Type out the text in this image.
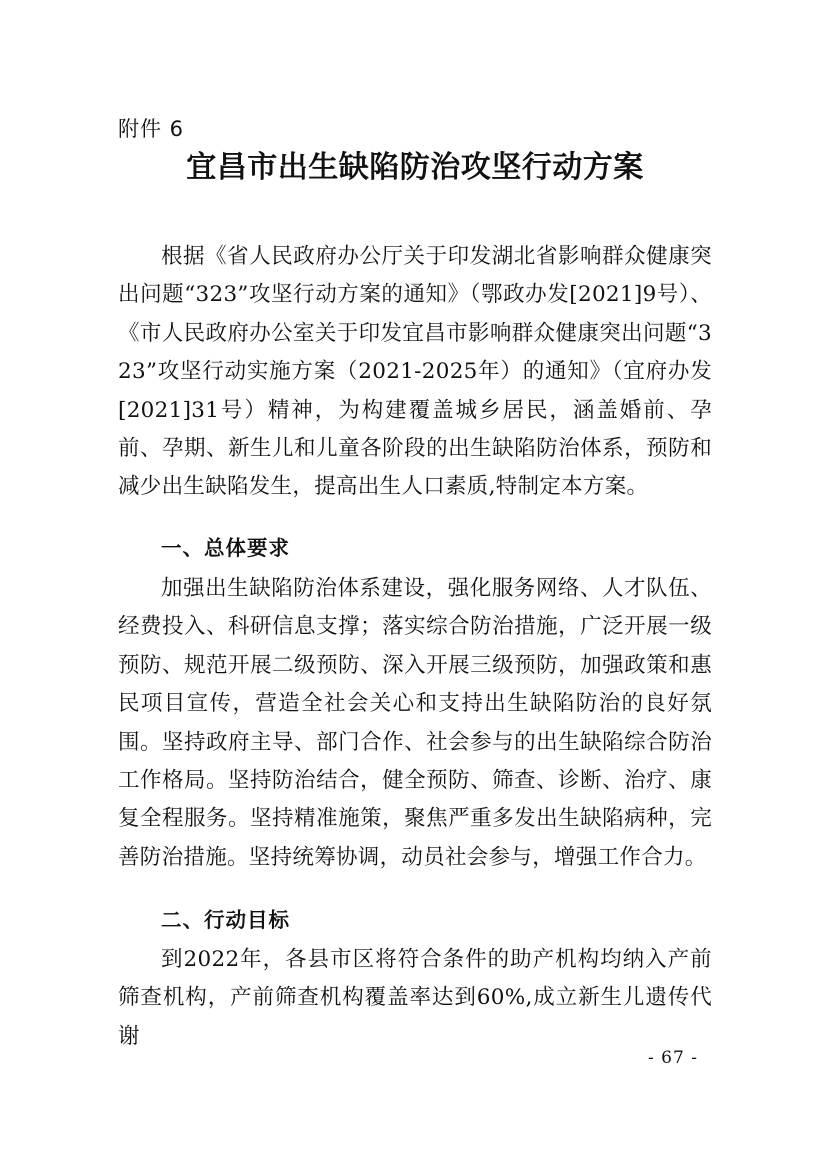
附件 6
宜昌市出生缺陷防治攻坚行动方案

根据《省人民政府办公厅关于印发湖北省影响群众健康突出问题“323”攻坚行动方案的通知》（鄂政办发[2021]9号）、《市人民政府办公室关于印发宜昌市影响群众健康突出问题“323”攻坚行动实施方案（2021-2025年）的通知》（宜府办发[2021]31号）精神，为构建覆盖城乡居民，涵盖婚前、孕前、孕期、新生儿和儿童各阶段的出生缺陷防治体系，预防和减少出生缺陷发生，提高出生人口素质,特制定本方案。

一、总体要求

加强出生缺陷防治体系建设，强化服务网络、人才队伍、经费投入、科研信息支撑；落实综合防治措施，广泛开展一级预防、规范开展二级预防、深入开展三级预防，加强政策和惠民项目宣传，营造全社会关心和支持出生缺陷防治的良好氛围。坚持政府主导、部门合作、社会参与的出生缺陷综合防治工作格局。坚持防治结合，健全预防、筛查、诊断、治疗、康复全程服务。坚持精准施策，聚焦严重多发出生缺陷病种，完善防治措施。坚持统筹协调，动员社会参与，增强工作合力。

二、行动目标

到2022年，各县市区将符合条件的助产机构均纳入产前筛查机构，产前筛查机构覆盖率达到60%,成立新生儿遗传代谢

- 67 -
